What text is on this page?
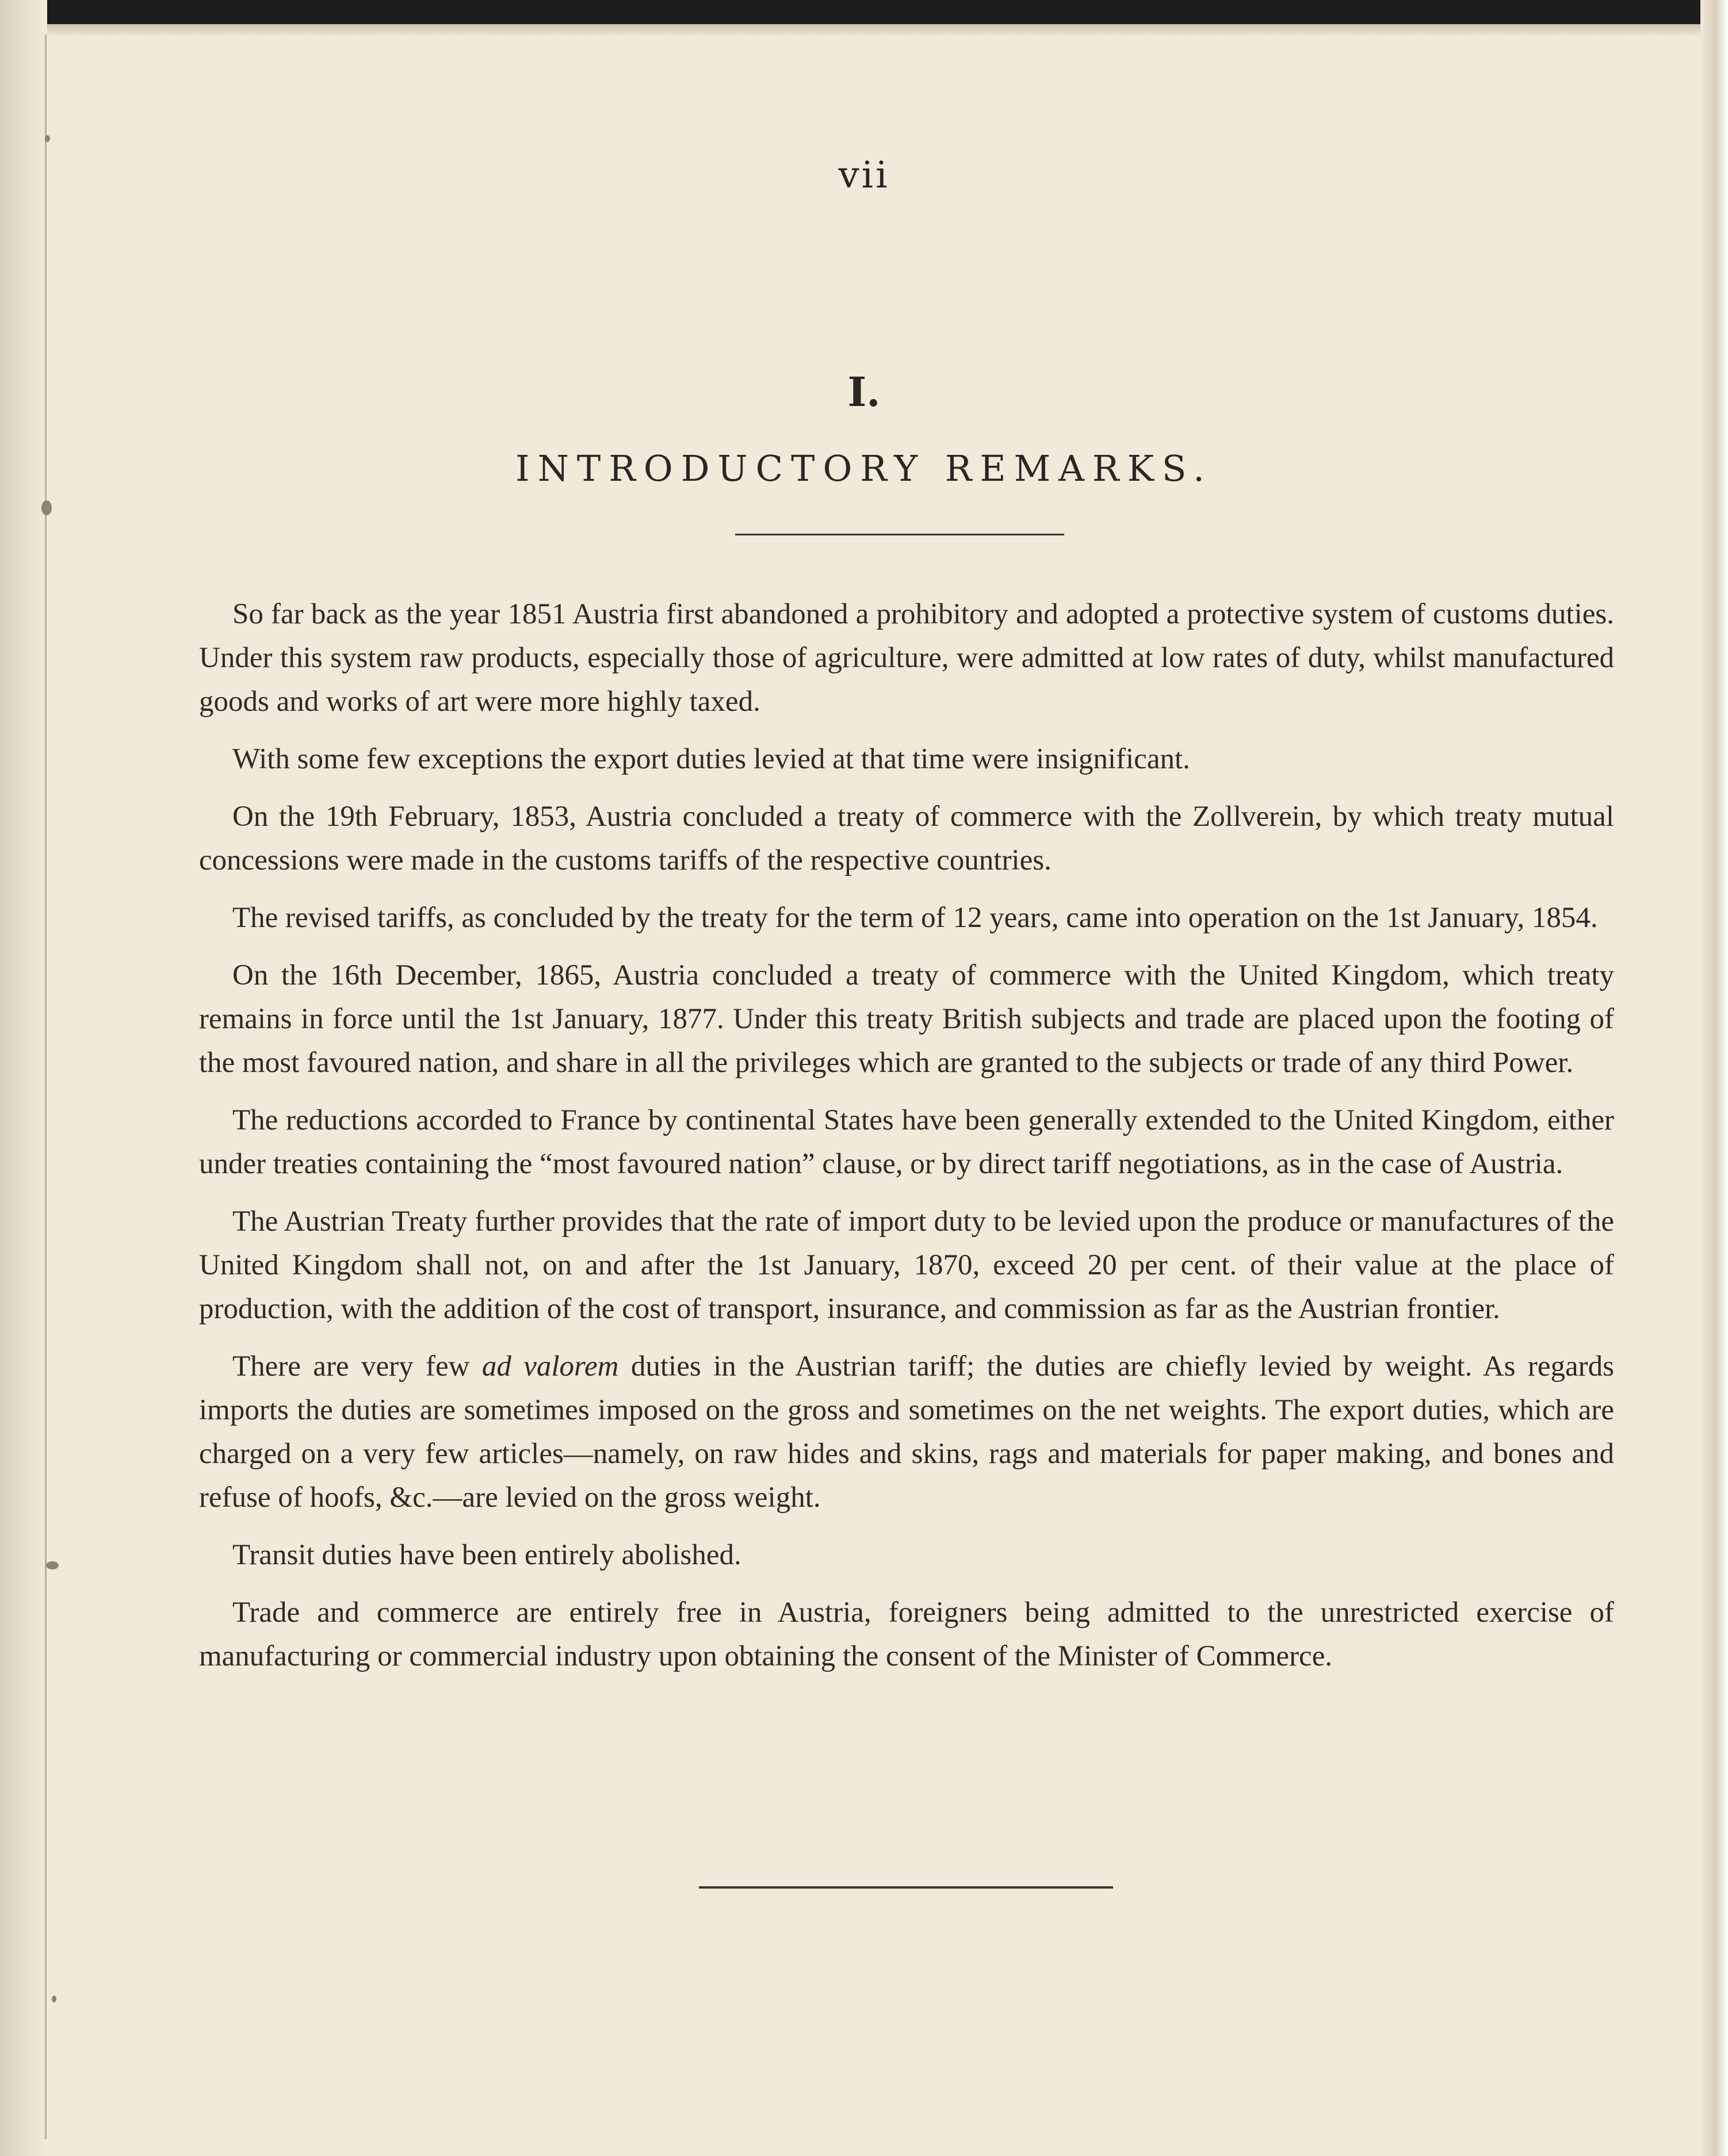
vii
I.
INTRODUCTORY REMARKS.

So far back as the year 1851 Austria first abandoned a prohibitory and adopted a protective system of customs duties. Under this system raw products, especially those of agriculture, were admitted at low rates of duty, whilst manufactured goods and works of art were more highly taxed.

With some few exceptions the export duties levied at that time were insignificant.

On the 19th February, 1853, Austria concluded a treaty of commerce with the Zollverein, by which treaty mutual concessions were made in the customs tariffs of the respective countries.

The revised tariffs, as concluded by the treaty for the term of 12 years, came into operation on the 1st January, 1854.

On the 16th December, 1865, Austria concluded a treaty of commerce with the United Kingdom, which treaty remains in force until the 1st January, 1877. Under this treaty British subjects and trade are placed upon the footing of the most favoured nation, and share in all the privileges which are granted to the subjects or trade of any third Power.

The reductions accorded to France by continental States have been generally extended to the United Kingdom, either under treaties containing the “most favoured nation” clause, or by direct tariff negotiations, as in the case of Austria.

The Austrian Treaty further provides that the rate of import duty to be levied upon the produce or manufactures of the United Kingdom shall not, on and after the 1st January, 1870, exceed 20 per cent. of their value at the place of production, with the addition of the cost of transport, insurance, and commission as far as the Austrian frontier.

There are very few ad valorem duties in the Austrian tariff; the duties are chiefly levied by weight. As regards imports the duties are sometimes imposed on the gross and sometimes on the net weights. The export duties, which are charged on a very few articles—namely, on raw hides and skins, rags and materials for paper making, and bones and refuse of hoofs, &c.—are levied on the gross weight.

Transit duties have been entirely abolished.

Trade and commerce are entirely free in Austria, foreigners being admitted to the unrestricted exercise of manufacturing or commercial industry upon obtaining the consent of the Minister of Commerce.
